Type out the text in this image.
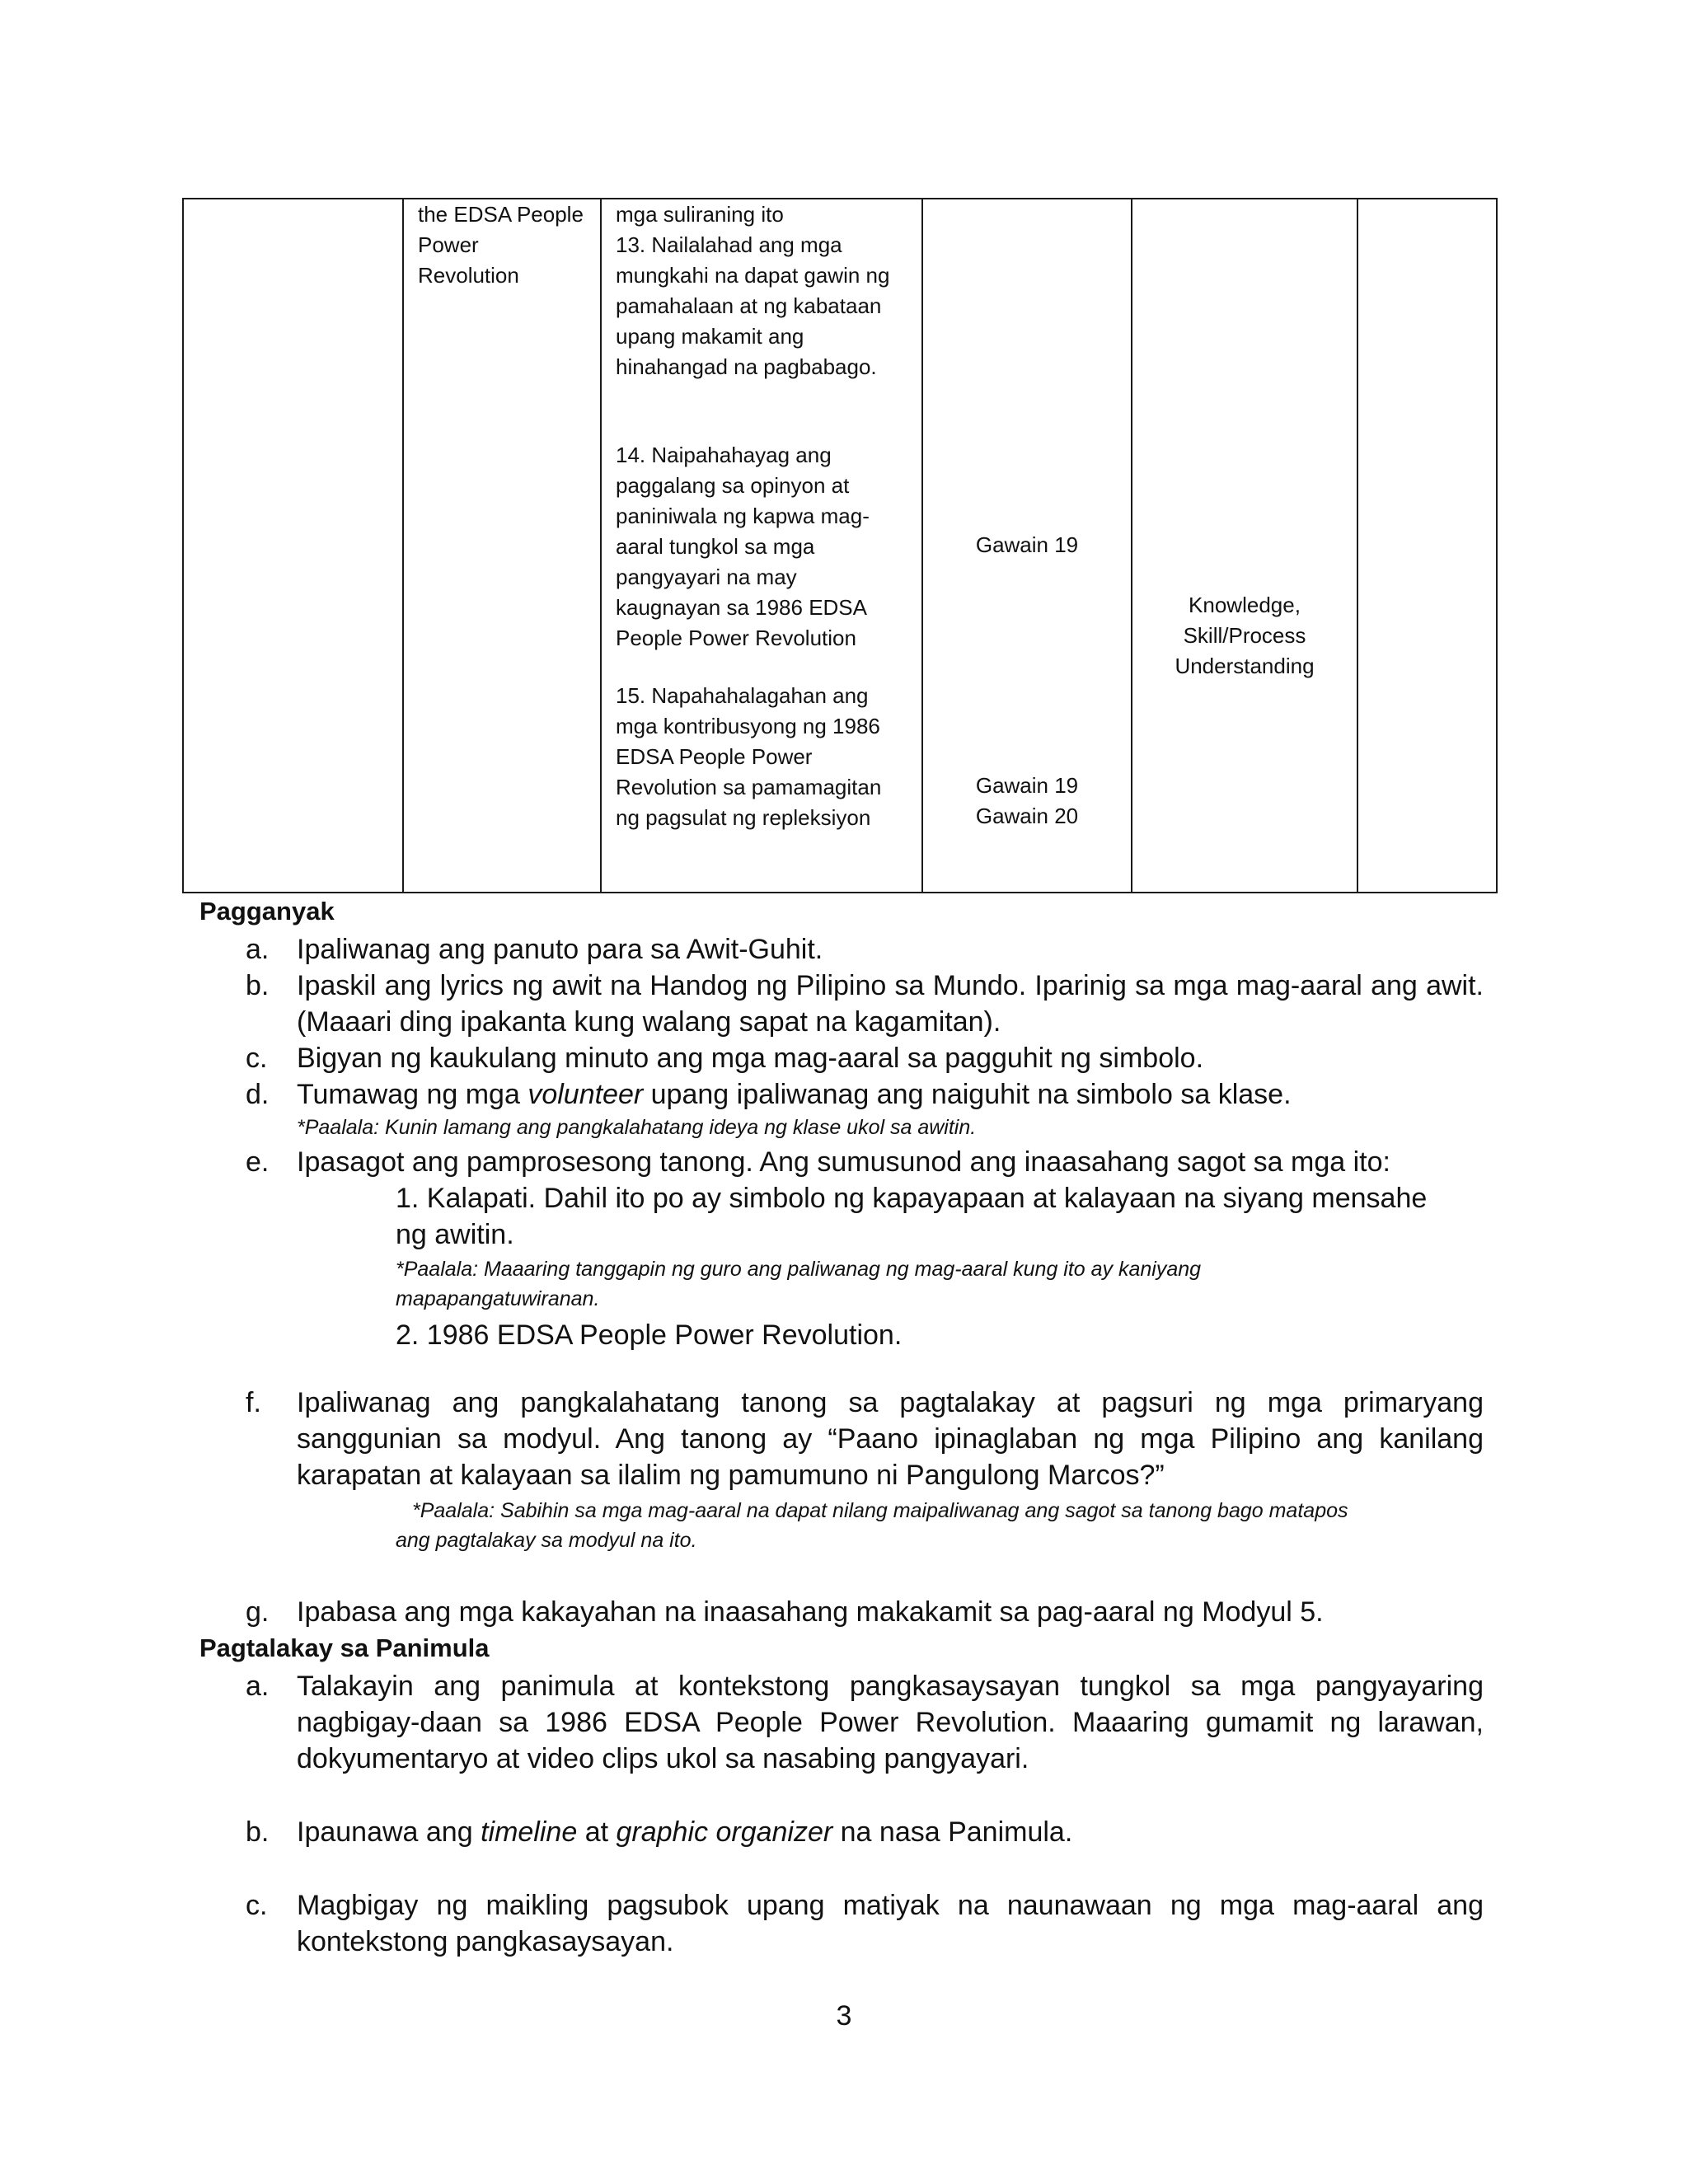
the EDSA People
Power
Revolution
mga suliraning ito
13. Nailalahad ang mga
mungkahi na dapat gawin ng
pamahalaan at ng kabataan
upang makamit ang
hinahangad na pagbabago.
14. Naipahahayag ang
paggalang sa opinyon at
paniniwala ng kapwa mag-
aaral tungkol sa mga
pangyayari na may
kaugnayan sa 1986 EDSA
People Power Revolution
15. Napahahalagahan ang
mga kontribusyong ng 1986
EDSA People Power
Revolution sa pamamagitan
ng pagsulat ng repleksiyon
Gawain 19
Gawain 19
Gawain 20
Knowledge,
Skill/Process
Understanding
Pagganyak
a. Ipaliwanag ang panuto para sa Awit-Guhit.
b. Ipaskil ang lyrics ng awit na Handog ng Pilipino sa Mundo. Iparinig sa mga mag-aaral ang awit. (Maaari ding ipakanta kung walang sapat na kagamitan).
c. Bigyan ng kaukulang minuto ang mga mag-aaral sa pagguhit ng simbolo.
d. Tumawag ng mga volunteer upang ipaliwanag ang naiguhit na simbolo sa klase.
*Paalala: Kunin lamang ang pangkalahatang ideya ng klase ukol sa awitin.
e. Ipasagot ang pamprosesong tanong. Ang sumusunod ang inaasahang sagot sa mga ito:
1. Kalapati. Dahil ito po ay simbolo ng kapayapaan at kalayaan na siyang mensahe ng awitin.
*Paalala: Maaaring tanggapin ng guro ang paliwanag ng mag-aaral kung ito ay kaniyang mapapangatuwiranan.
2. 1986 EDSA People Power Revolution.
f. Ipaliwanag ang pangkalahatang tanong sa pagtalakay at pagsuri ng mga primaryang sanggunian sa modyul. Ang tanong ay “Paano ipinaglaban ng mga Pilipino ang kanilang karapatan at kalayaan sa ilalim ng pamumuno ni Pangulong Marcos?”
*Paalala: Sabihin sa mga mag-aaral na dapat nilang maipaliwanag ang sagot sa tanong bago matapos
ang pagtalakay sa modyul na ito.
g. Ipabasa ang mga kakayahan na inaasahang makakamit sa pag-aaral ng Modyul 5.
Pagtalakay sa Panimula
a. Talakayin ang panimula at kontekstong pangkasaysayan tungkol sa mga pangyayaring nagbigay-daan sa 1986 EDSA People Power Revolution. Maaaring gumamit ng larawan, dokyumentaryo at video clips ukol sa nasabing pangyayari.
b. Ipaunawa ang timeline at graphic organizer na nasa Panimula.
c. Magbigay ng maikling pagsubok upang matiyak na naunawaan ng mga mag-aaral ang kontekstong pangkasaysayan.
3
